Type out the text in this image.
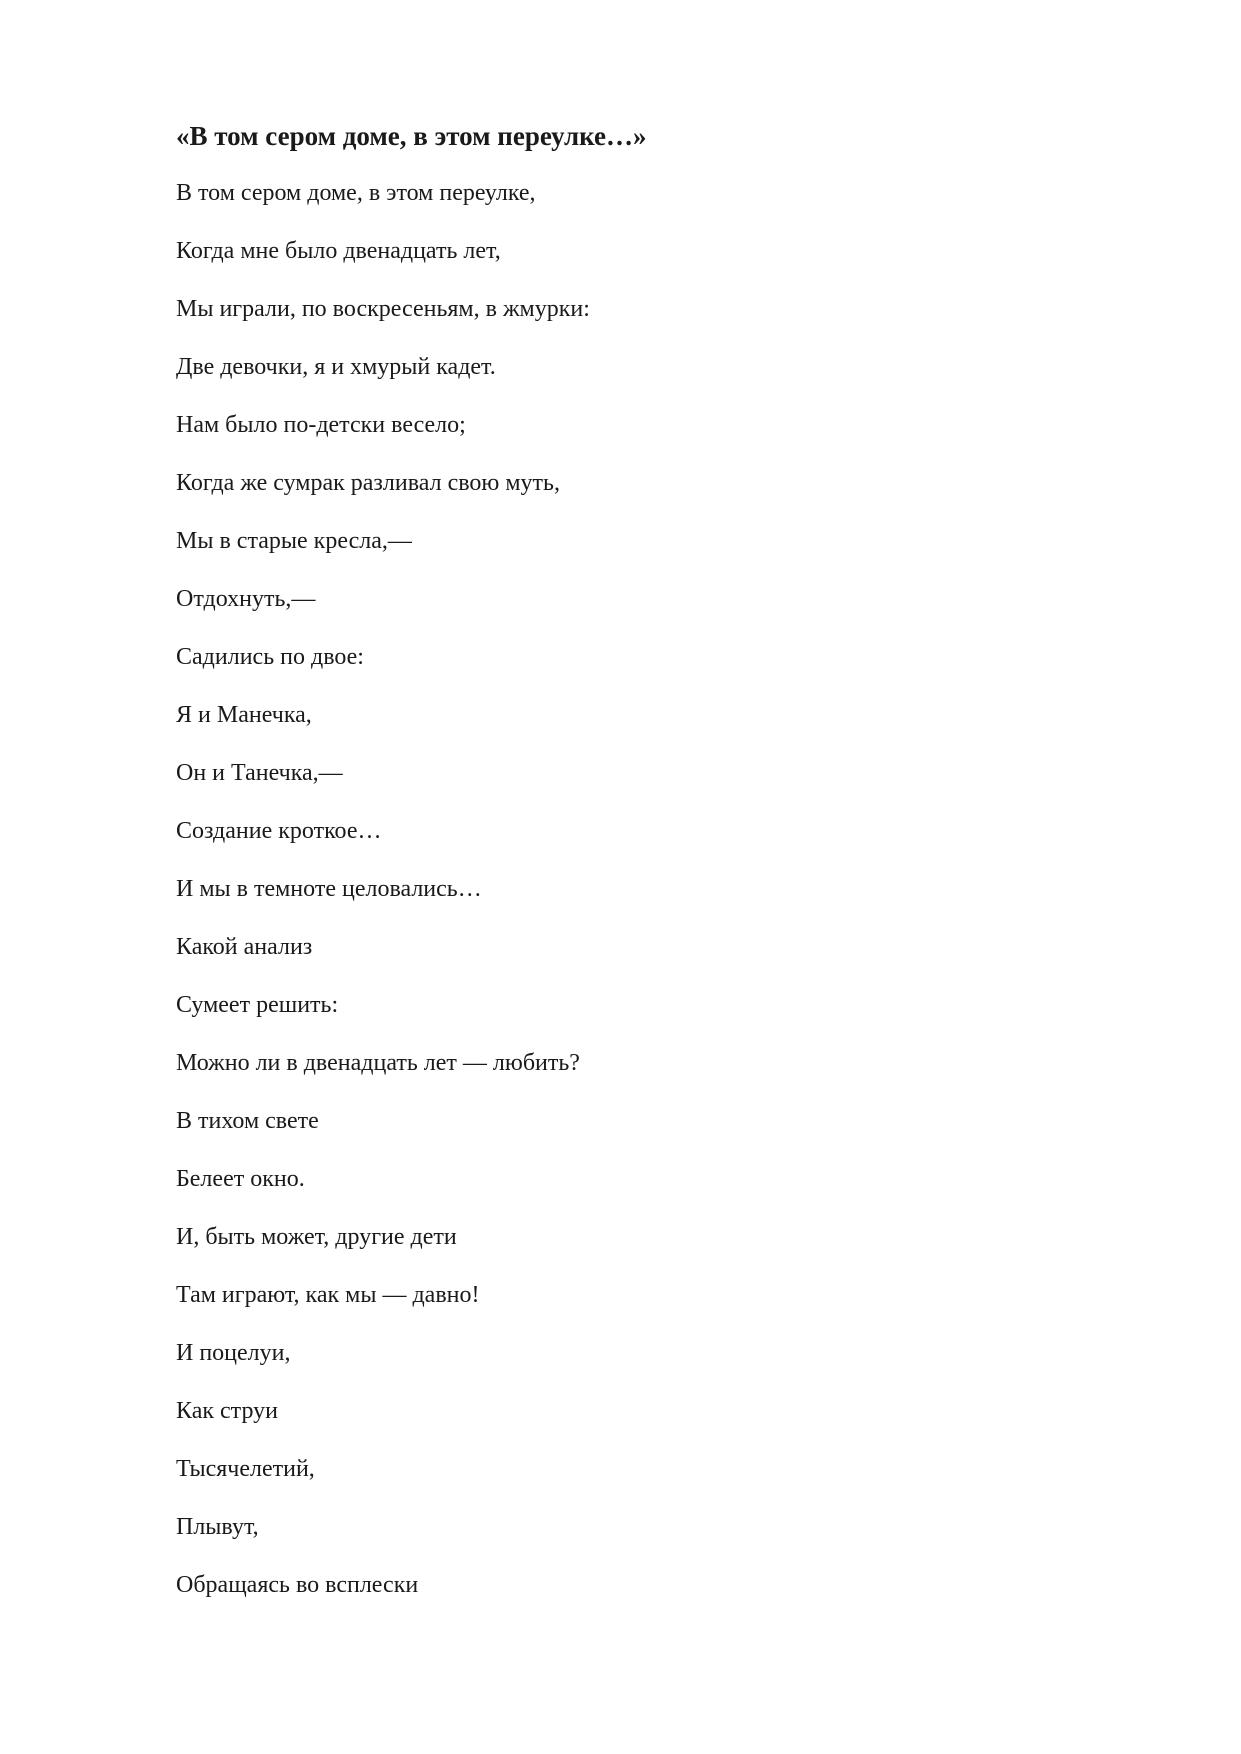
«В том сером доме, в этом переулке…»
В том сером доме, в этом переулке,
Когда мне было двенадцать лет,
Мы играли, по воскресеньям, в жмурки:
Две девочки, я и хмурый кадет.
Нам было по-детски весело;
Когда же сумрак разливал свою муть,
Мы в старые кресла,—
Отдохнуть,—
Садились по двое:
Я и Манечка,
Он и Танечка,—
Создание кроткое…
И мы в темноте целовались…
Какой анализ
Сумеет решить:
Можно ли в двенадцать лет — любить?
В тихом свете
Белеет окно.
И, быть может, другие дети
Там играют, как мы — давно!
И поцелуи,
Как струи
Тысячелетий,
Плывут,
Обращаясь во всплески
